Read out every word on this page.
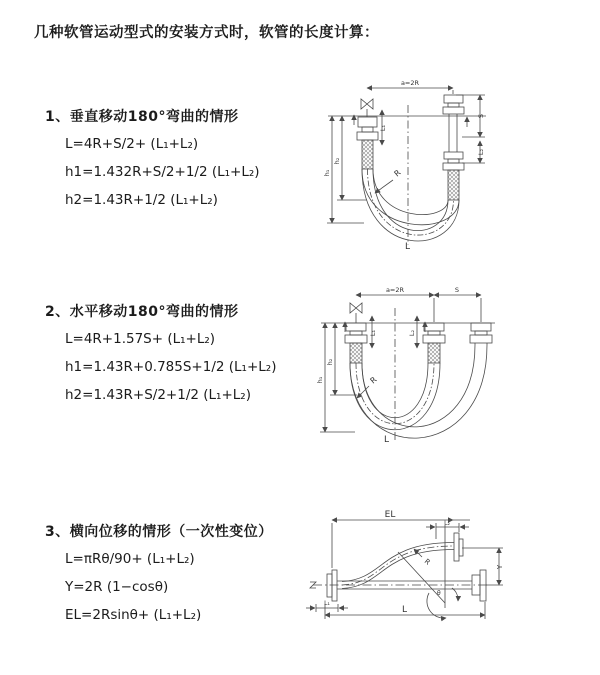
几种软管运动型式的安装方式时，软管的长度计算：
1、垂直移动180°弯曲的情形

L=4R+S/2+ (L₁+L₂)

h1=1.432R+S/2+1/2 (L₁+L₂)

h2=1.43R+1/2 (L₁+L₂)

a=2R
h₁
h₂
L₁
S
L₂
R
L
2、水平移动180°弯曲的情形

L=4R+1.57S+ (L₁+L₂)

h1=1.43R+0.785S+1/2 (L₁+L₂)

h2=1.43R+S/2+1/2 (L₁+L₂)

a=2R	S
h₁
h₂
L₁	L₂
R
L
3、横向位移的情形（一次性变位）

L=πRθ/90+ (L₁+L₂)

Y=2R (1−cosθ)

EL=2Rsinθ+ (L₁+L₂)

EL
L₂
Y
R
θ
L
L₁
